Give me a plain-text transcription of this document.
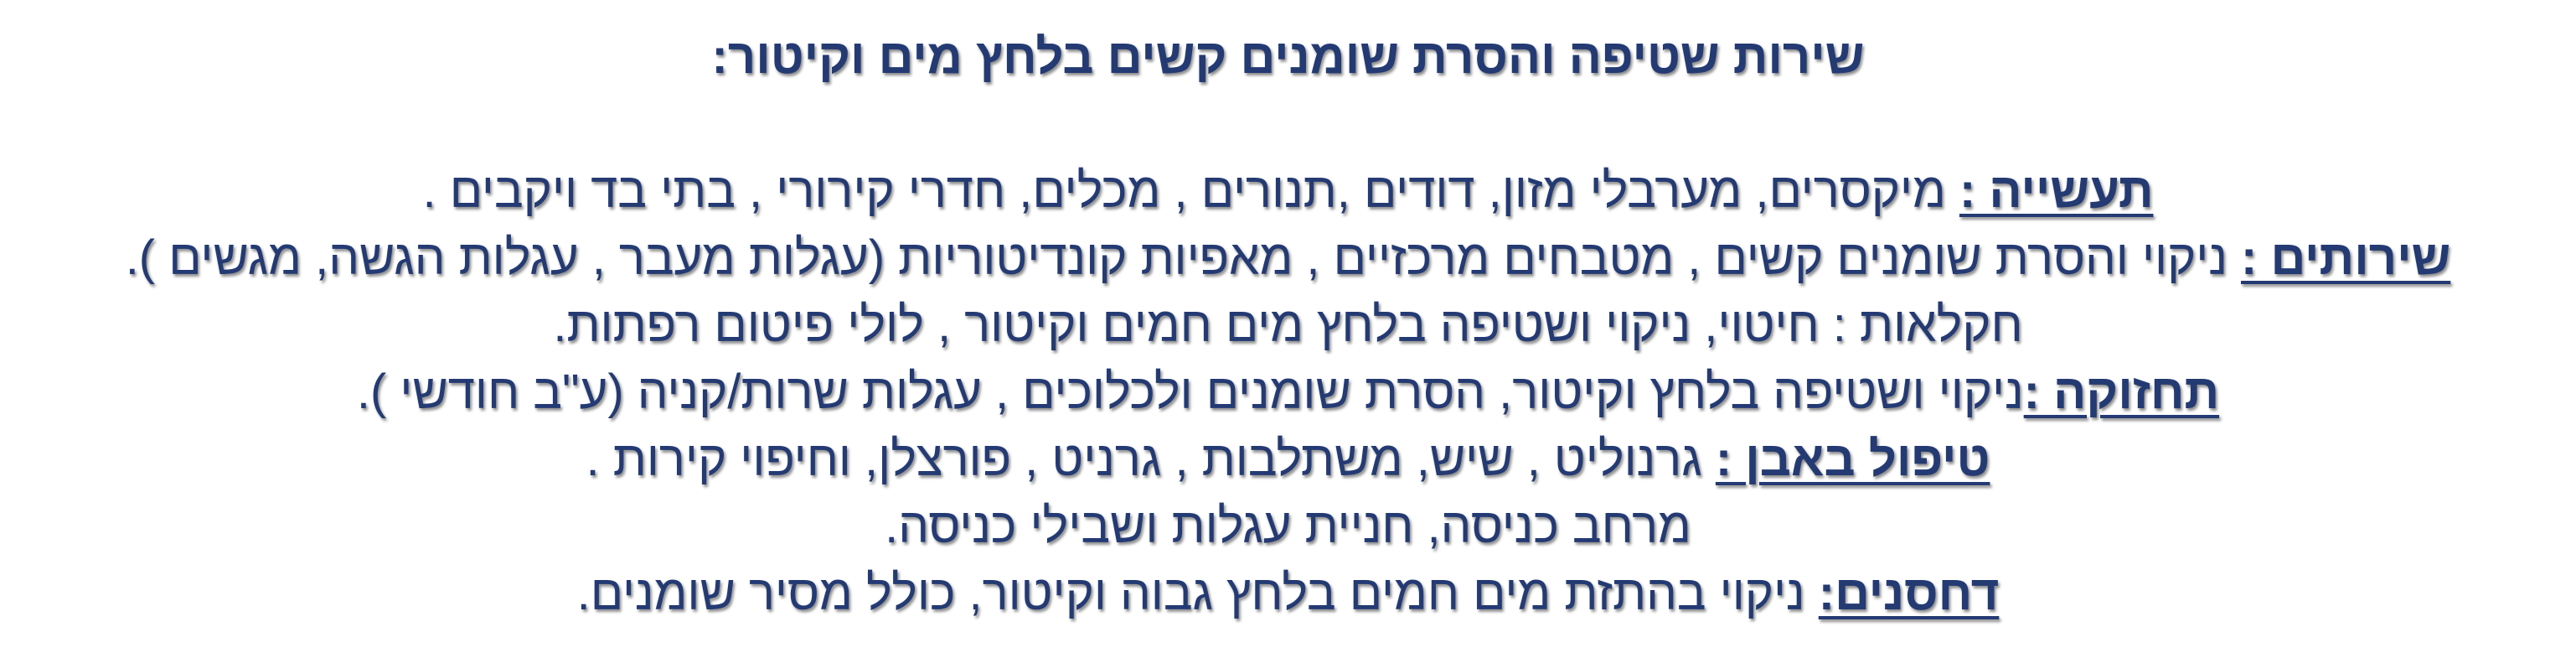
שירות שטיפה והסרת שומנים קשים בלחץ מים וקיטור:
תעשייה : מיקסרים, מערבלי מזון, דודים ,תנורים , מכלים, חדרי קירורי , בתי בד ויקבים .
שירותים : ניקוי והסרת שומנים קשים , מטבחים מרכזיים , מאפיות קונדיטוריות (עגלות מעבר , עגלות הגשה, מגשים ).
חקלאות : חיטוי, ניקוי ושטיפה בלחץ מים חמים וקיטור , לולי פיטום רפתות.
תחזוקה :ניקוי ושטיפה בלחץ וקיטור, הסרת שומנים ולכלוכים , עגלות שרות/קניה (ע"ב חודשי ).
טיפול באבן : גרנוליט , שיש, משתלבות , גרניט , פורצלן, וחיפוי קירות .
מרחב כניסה, חניית עגלות ושבילי כניסה.
דחסנים: ניקוי בהתזת מים חמים בלחץ גבוה וקיטור, כולל מסיר שומנים.
